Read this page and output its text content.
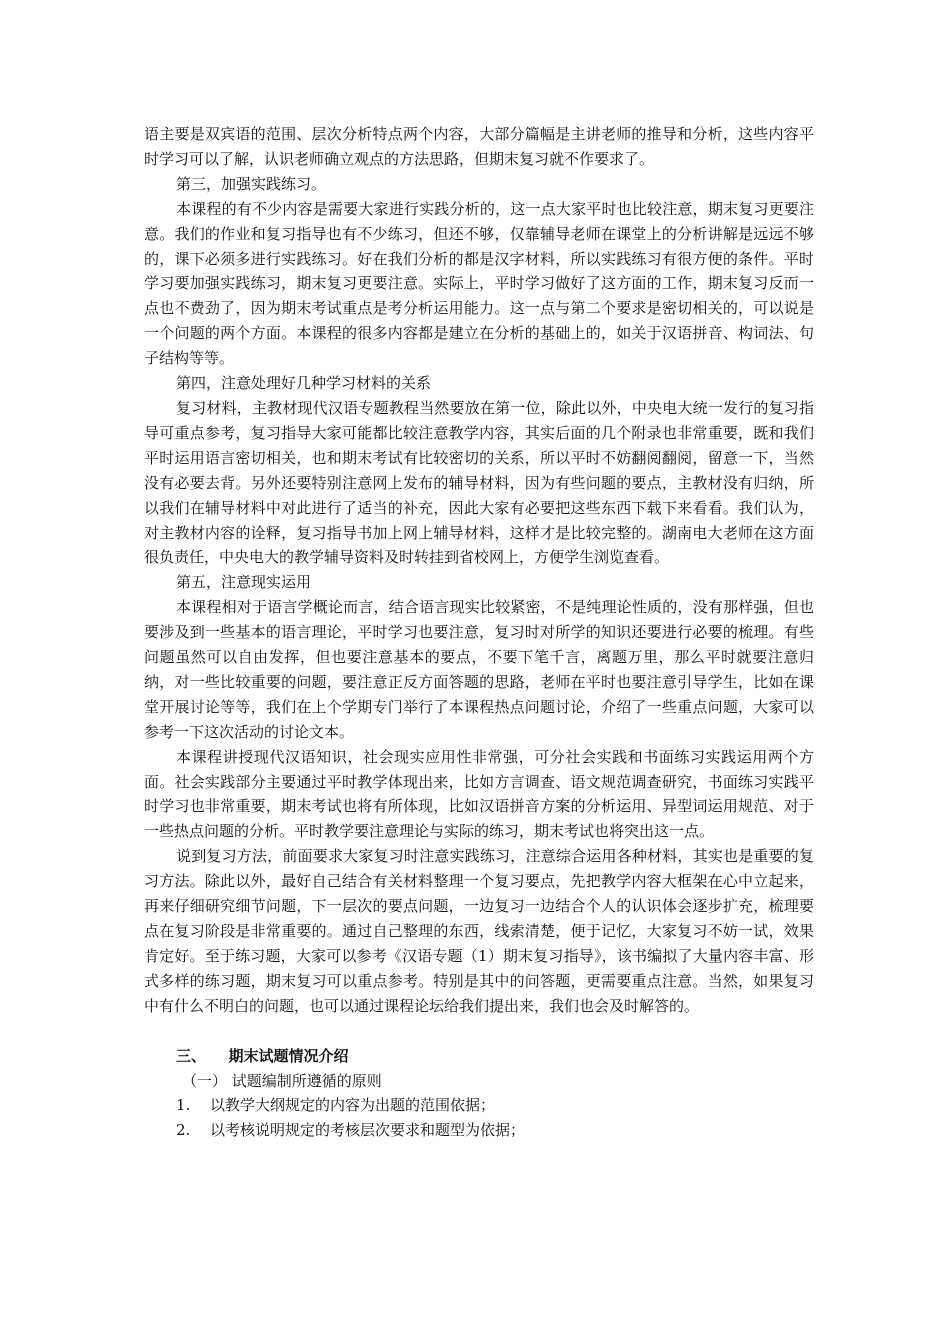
语主要是双宾语的范围、层次分析特点两个内容，大部分篇幅是主讲老师的推导和分析，这些内容平时学习可以了解，认识老师确立观点的方法思路，但期末复习就不作要求了。

第三，加强实践练习。

本课程的有不少内容是需要大家进行实践分析的，这一点大家平时也比较注意，期末复习更要注意。我们的作业和复习指导也有不少练习，但还不够，仅靠辅导老师在课堂上的分析讲解是远远不够的，课下必须多进行实践练习。好在我们分析的都是汉字材料，所以实践练习有很方便的条件。平时学习要加强实践练习，期末复习更要注意。实际上，平时学习做好了这方面的工作，期末复习反而一点也不费劲了，因为期末考试重点是考分析运用能力。这一点与第二个要求是密切相关的，可以说是一个问题的两个方面。本课程的很多内容都是建立在分析的基础上的，如关于汉语拼音、构词法、句子结构等等。

第四，注意处理好几种学习材料的关系

复习材料，主教材现代汉语专题教程当然要放在第一位，除此以外，中央电大统一发行的复习指导可重点参考，复习指导大家可能都比较注意教学内容，其实后面的几个附录也非常重要，既和我们平时运用语言密切相关，也和期末考试有比较密切的关系，所以平时不妨翻阅翻阅，留意一下，当然没有必要去背。另外还要特别注意网上发布的辅导材料，因为有些问题的要点，主教材没有归纳，所以我们在辅导材料中对此进行了适当的补充，因此大家有必要把这些东西下载下来看看。我们认为，对主教材内容的诠释，复习指导书加上网上辅导材料，这样才是比较完整的。湖南电大老师在这方面很负责任，中央电大的教学辅导资料及时转挂到省校网上，方便学生浏览查看。

第五，注意现实运用

本课程相对于语言学概论而言，结合语言现实比较紧密，不是纯理论性质的，没有那样强，但也要涉及到一些基本的语言理论，平时学习也要注意，复习时对所学的知识还要进行必要的梳理。有些问题虽然可以自由发挥，但也要注意基本的要点，不要下笔千言，离题万里，那么平时就要注意归纳，对一些比较重要的问题，要注意正反方面答题的思路，老师在平时也要注意引导学生，比如在课堂开展讨论等等，我们在上个学期专门举行了本课程热点问题讨论，介绍了一些重点问题，大家可以参考一下这次活动的讨论文本。

本课程讲授现代汉语知识，社会现实应用性非常强，可分社会实践和书面练习实践运用两个方面。社会实践部分主要通过平时教学体现出来，比如方言调查、语文规范调查研究，书面练习实践平时学习也非常重要，期末考试也将有所体现，比如汉语拼音方案的分析运用、异型词运用规范、对于一些热点问题的分析。平时教学要注意理论与实际的练习，期末考试也将突出这一点。

说到复习方法，前面要求大家复习时注意实践练习，注意综合运用各种材料，其实也是重要的复习方法。除此以外，最好自己结合有关材料整理一个复习要点，先把教学内容大框架在心中立起来，再来仔细研究细节问题，下一层次的要点问题，一边复习一边结合个人的认识体会逐步扩充，梳理要点在复习阶段是非常重要的。通过自己整理的东西，线索清楚，便于记忆，大家复习不妨一试，效果肯定好。至于练习题，大家可以参考《汉语专题（1）期末复习指导》，该书编拟了大量内容丰富、形式多样的练习题，期末复习可以重点参考。特别是其中的问答题，更需要重点注意。当然，如果复习中有什么不明白的问题，也可以通过课程论坛给我们提出来，我们也会及时解答的。

三、 期末试题情况介绍

（一） 试题编制所遵循的原则

1. 以教学大纲规定的内容为出题的范围依据；

2. 以考核说明规定的考核层次要求和题型为依据；
